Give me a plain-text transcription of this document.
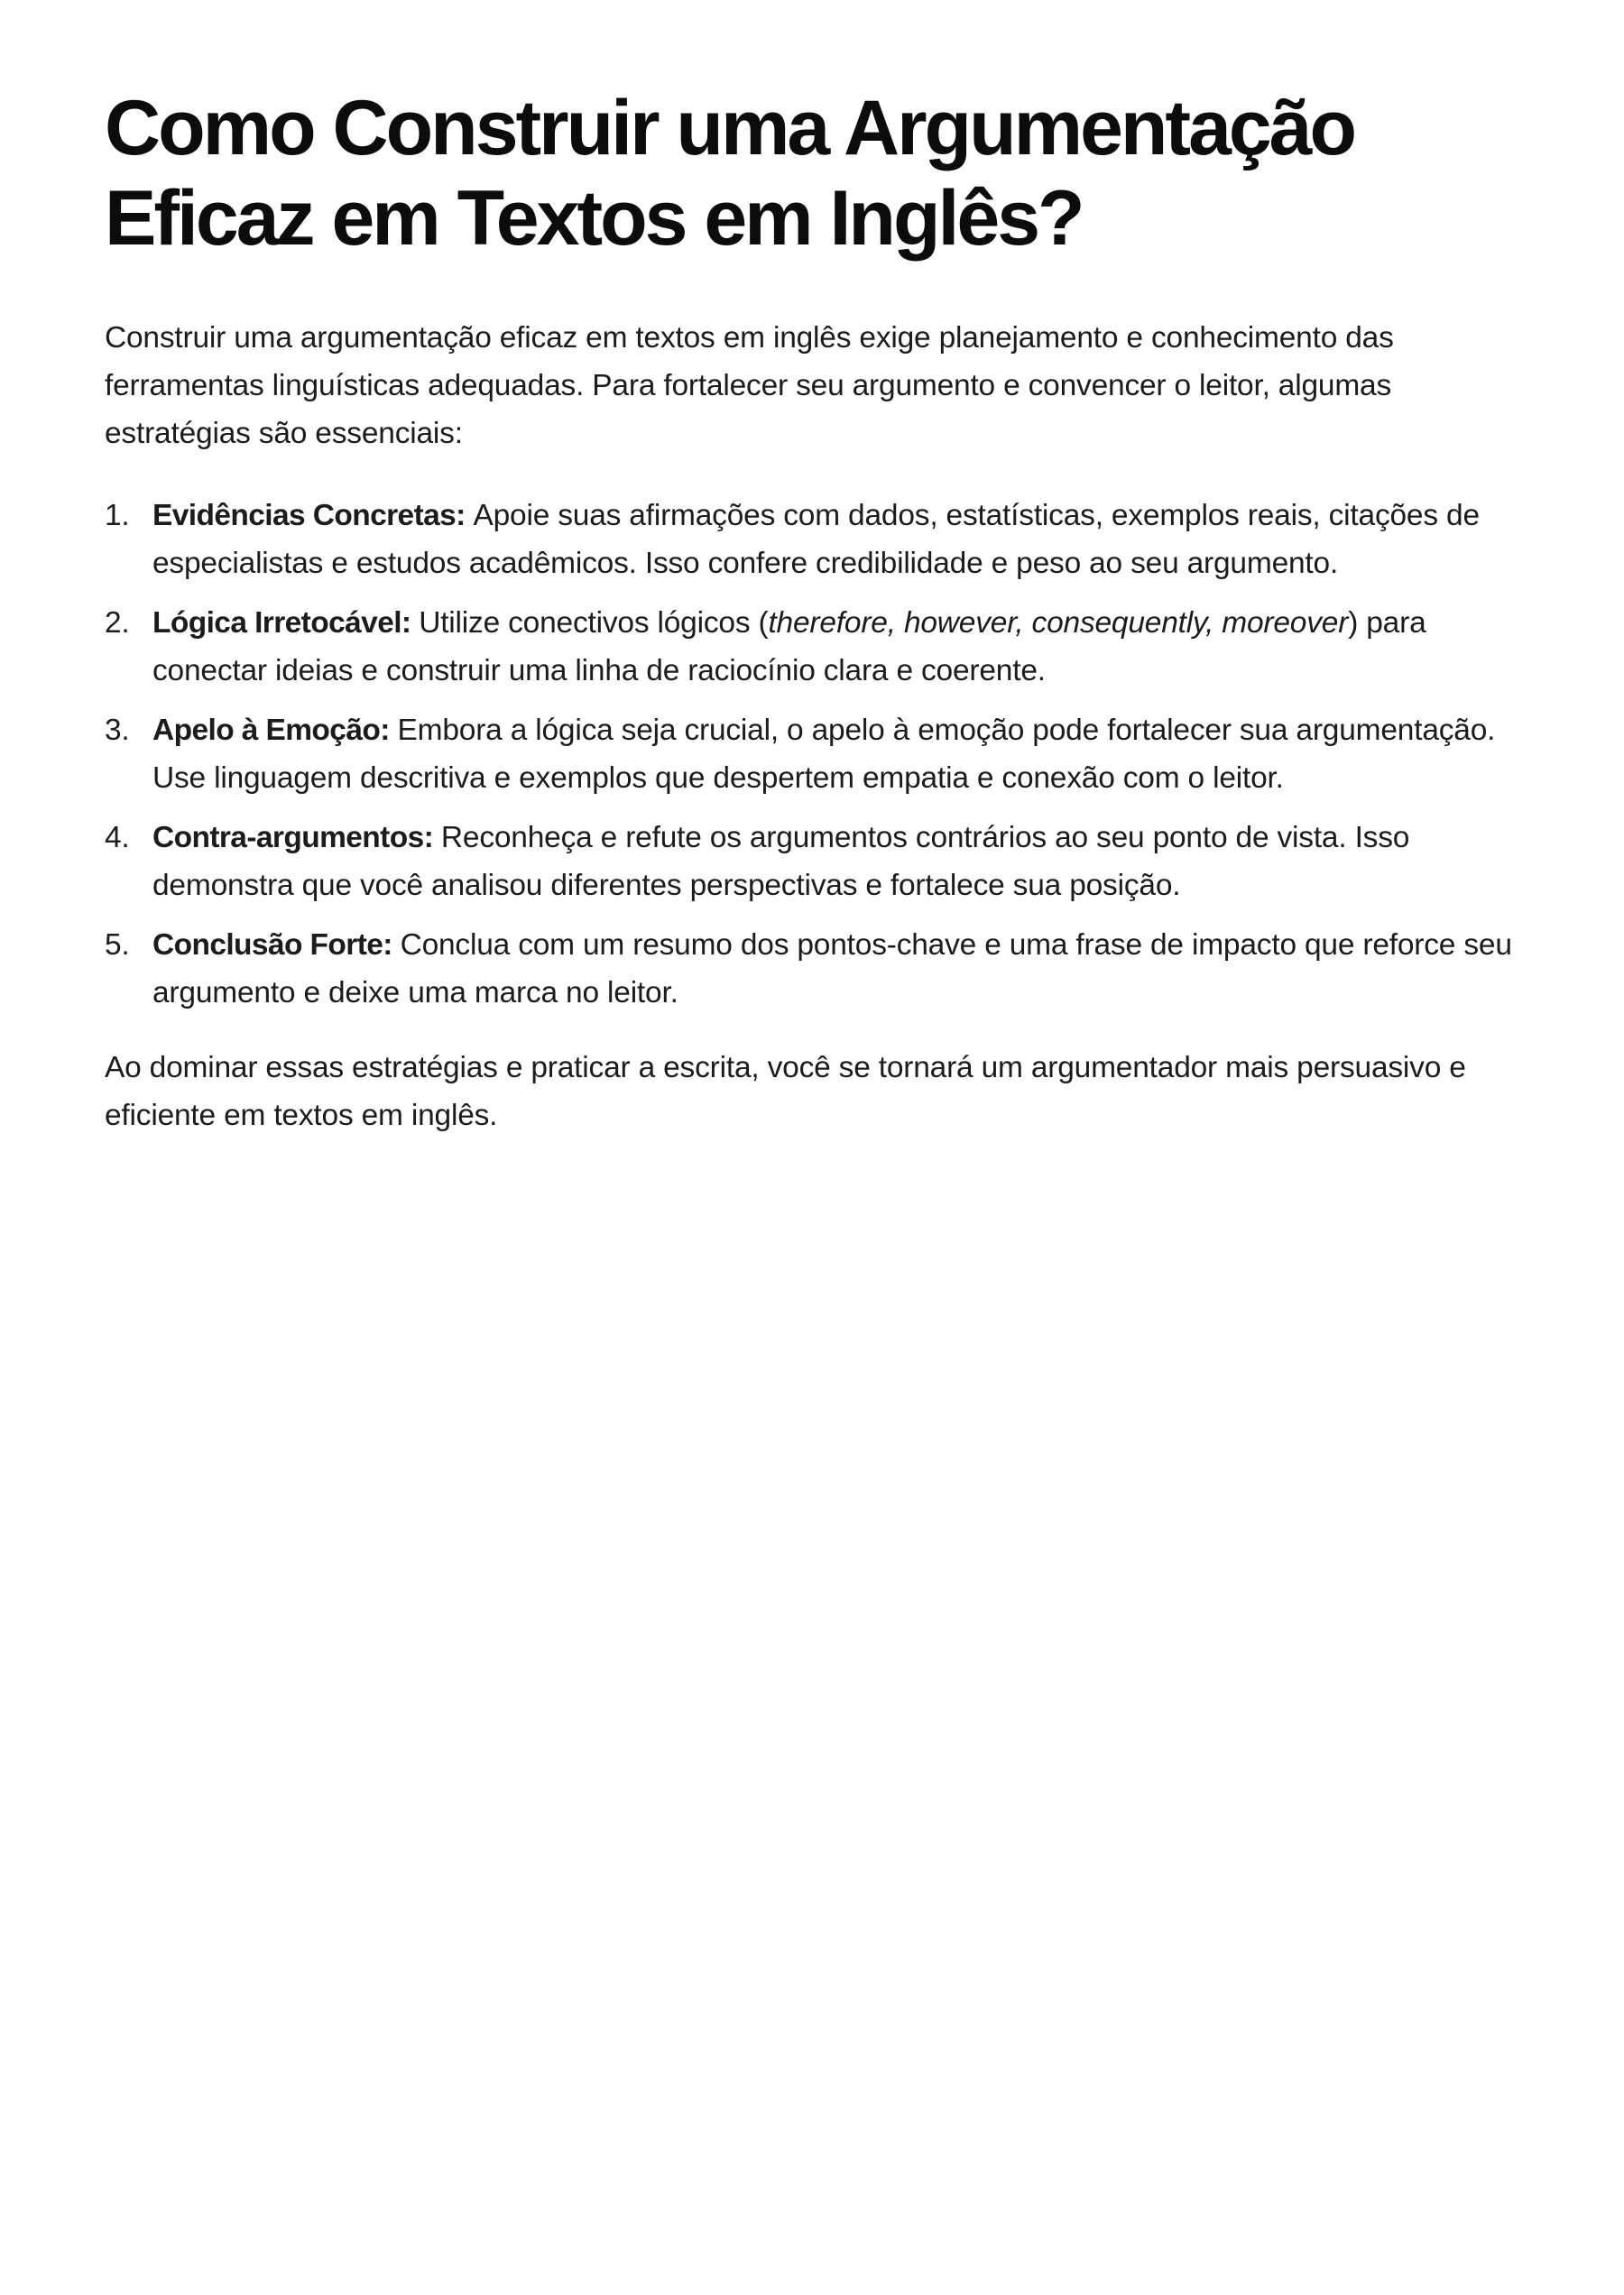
Como Construir uma Argumentação
Eficaz em Textos em Inglês?

Construir uma argumentação eficaz em textos em inglês exige planejamento e conhecimento das ferramentas linguísticas adequadas. Para fortalecer seu argumento e convencer o leitor, algumas estratégias são essenciais:

1. Evidências Concretas: Apoie suas afirmações com dados, estatísticas, exemplos reais, citações de especialistas e estudos acadêmicos. Isso confere credibilidade e peso ao seu argumento.
2. Lógica Irretocável: Utilize conectivos lógicos (therefore, however, consequently, moreover) para conectar ideias e construir uma linha de raciocínio clara e coerente.
3. Apelo à Emoção: Embora a lógica seja crucial, o apelo à emoção pode fortalecer sua argumentação. Use linguagem descritiva e exemplos que despertem empatia e conexão com o leitor.
4. Contra-argumentos: Reconheça e refute os argumentos contrários ao seu ponto de vista. Isso demonstra que você analisou diferentes perspectivas e fortalece sua posição.
5. Conclusão Forte: Conclua com um resumo dos pontos-chave e uma frase de impacto que reforce seu argumento e deixe uma marca no leitor.

Ao dominar essas estratégias e praticar a escrita, você se tornará um argumentador mais persuasivo e eficiente em textos em inglês.
